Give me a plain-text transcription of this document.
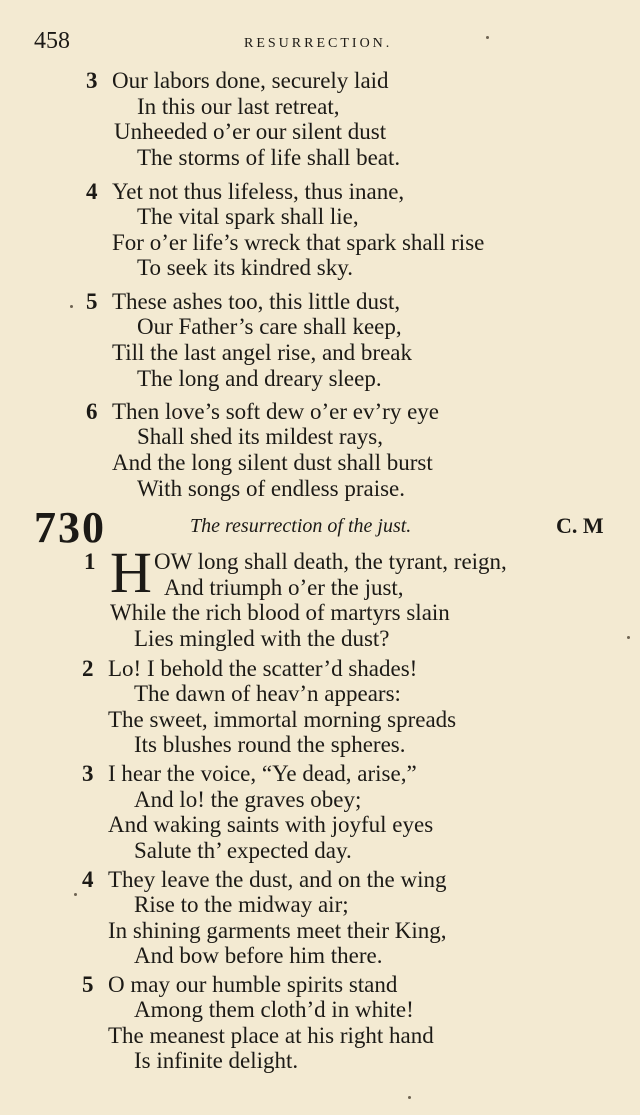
458	RESURRECTION.
3 Our labors done, securely laid
In this our last retreat,
Unheeded o’er our silent dust
The storms of life shall beat.
4 Yet not thus lifeless, thus inane,
The vital spark shall lie,
For o’er life’s wreck that spark shall rise
To seek its kindred sky.
5 These ashes too, this little dust,
Our Father’s care shall keep,
Till the last angel rise, and break
The long and dreary sleep.
6 Then love’s soft dew o’er ev’ry eye
Shall shed its mildest rays,
And the long silent dust shall burst
With songs of endless praise.
730	The resurrection of the just.	C. M
1 H OW long shall death, the tyrant, reign,
And triumph o’er the just,
While the rich blood of martyrs slain
Lies mingled with the dust?
2 Lo! I behold the scatter’d shades!
The dawn of heav’n appears:
The sweet, immortal morning spreads
Its blushes round the spheres.
3 I hear the voice, “Ye dead, arise,”
And lo! the graves obey;
And waking saints with joyful eyes
Salute th’ expected day.
4 They leave the dust, and on the wing
Rise to the midway air;
In shining garments meet their King,
And bow before him there.
5 O may our humble spirits stand
Among them cloth’d in white!
The meanest place at his right hand
Is infinite delight.
